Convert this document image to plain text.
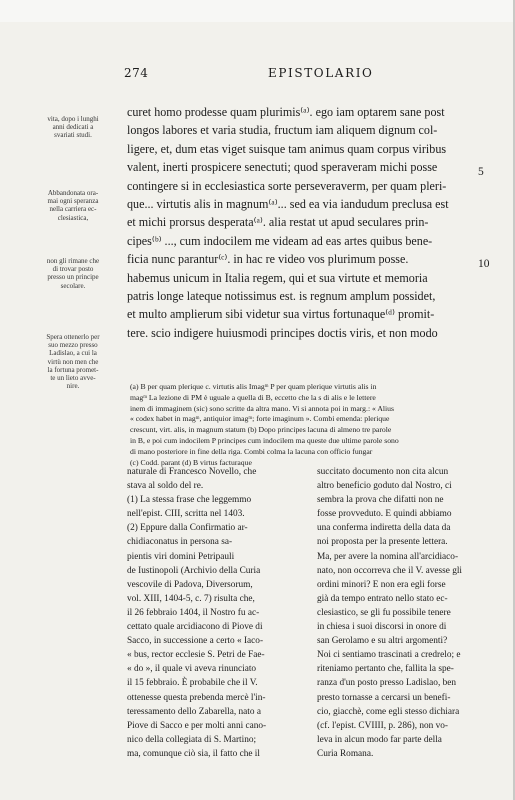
274	EPISTOLARIO
vita, dopo i lunghi
anni dedicati a
svariati studi.
Abbandonata ora-
mai ogni speranza
nella carriera ec-
clesiastica,
non gli rimane che
di trovar posto
presso un principe
secolare.
Spera ottenerlo per
suo mezzo presso
Ladislao, a cui la
virtù non men che
la fortuna promet-
te un lieto avve-
nire.
curet homo prodesse quam plurimis⁽ᵃ⁾. ego iam optarem sane post
longos labores et varia studia, fructum iam aliquem dignum col-
ligere, et, dum etas viget suisque tam animus quam corpus viribus
valent, inerti prospicere senectuti; quod speraveram michi posse
contingere si in ecclesiastica sorte perseveraverm, per quam pleri-
que... virtutis alis in magnum⁽ᵃ⁾... sed ea via iandudum preclusa est
et michi prorsus desperata⁽ᵃ⁾. alia restat ut apud seculares prin-
cipes⁽ᵇ⁾ ..., cum indocilem me videam ad eas artes quibus bene-
ficia nunc parantur⁽ᶜ⁾. in hac re video vos plurimum posse.
habemus unicum in Italia regem, qui et sua virtute et memoria
patris longe lateque notissimus est. is regnum amplum possidet,
et multo amplierum sibi videtur sua virtus fortunaque⁽ᵈ⁾ promit-
tere. scio indigere huiusmodi principes doctis viris, et non modo
5
10
(a) B per quam plerique c. virtutis alis Imagᵐ P per quam plerique virtutis alis in
magᵐ La lezione di PM è uguale a quella di B, eccetto che la s di alis e le lettere
inem di immaginem (sic) sono scritte da altra mano. Vi si annota poi in marg.: « Alius
« codex habet in magᵐ, antiquior imagᵐ; forte imaginum ». Combi emenda: plerique
crescunt, virt. alis, in magnum statum (b) Dopo principes lacuna di almeno tre parole
in B, e poi cum indocilem P principes cum indocilem ma queste due ultime parole sono
di mano posteriore in fine della riga. Combi colma la lacuna con officio fungar
(c) Codd. parant (d) B virtus facturaque
naturale di Francesco Novello, che
stava al soldo del re.
(1) La stessa frase che leggemmo
nell'epist. CIII, scritta nel 1403.
(2) Eppure dalla Confirmatio ar-
chidiaconatus in persona sa-
pientis viri domini Petripauli
de Iustinopoli (Archivio della Curia
vescovile di Padova, Diversorum,
vol. XIII, 1404-5, c. 7) risulta che,
il 26 febbraio 1404, il Nostro fu ac-
cettato quale arcidiacono di Piove di
Sacco, in successione a certo « Iaco-
« bus, rector ecclesie S. Petri de Fae-
« do », il quale vi aveva rinunciato
il 15 febbraio. È probabile che il V.
ottenesse questa prebenda mercè l'in-
teressamento dello Zabarella, nato a
Piove di Sacco e per molti anni cano-
nico della collegiata di S. Martino;
ma, comunque ciò sia, il fatto che il
succitato documento non cita alcun
altro beneficio goduto dal Nostro, ci
sembra la prova che difatti non ne
fosse provveduto. E quindi abbiamo
una conferma indiretta della data da
noi proposta per la presente lettera.
Ma, per avere la nomina all'arcidiaco-
nato, non occorreva che il V. avesse gli
ordini minori? E non era egli forse
già da tempo entrato nello stato ec-
clesiastico, se gli fu possibile tenere
in chiesa i suoi discorsi in onore di
san Gerolamo e su altri argomenti?
Noi ci sentiamo trascinati a credrelo; e
riteniamo pertanto che, fallita la spe-
ranza d'un posto presso Ladislao, ben
presto tornasse a cercarsi un benefi-
cio, giacchè, come egli stesso dichiara
(cf. l'epist. CVIIII, p. 286), non vo-
leva in alcun modo far parte della
Curia Romana.
